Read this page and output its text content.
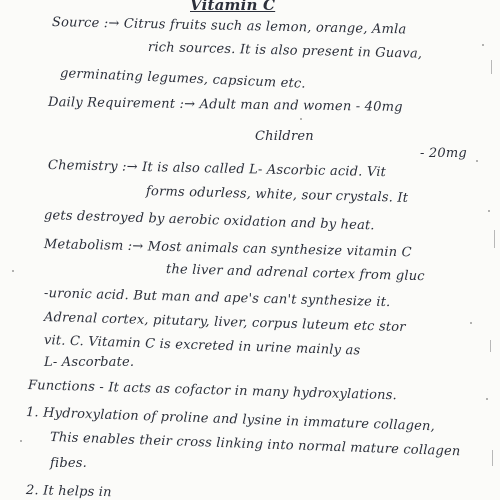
Vitamin C
Source :→ Citrus fruits such as lemon, orange, Amla
rich sources. It is also present in Guava,
germinating legumes, capsicum etc.
Daily Requirement :→ Adult man and women - 40mg
Children
- 20mg
Chemistry :→ It is also called L- Ascorbic acid. Vit
forms odurless, white, sour crystals. It
gets destroyed by aerobic oxidation and by heat.
Metabolism :→ Most animals can synthesize vitamin C
the liver and adrenal cortex from gluc
-uronic acid. But man and ape's can't synthesize it.
Adrenal cortex, pitutary, liver, corpus luteum etc stor
vit. C. Vitamin C is excreted in urine mainly as
L- Ascorbate.
Functions - It acts as cofactor in many hydroxylations.
1. Hydroxylation of proline and lysine in immature collagen,
This enables their cross linking into normal mature collagen
fibes.
2. It helps in
